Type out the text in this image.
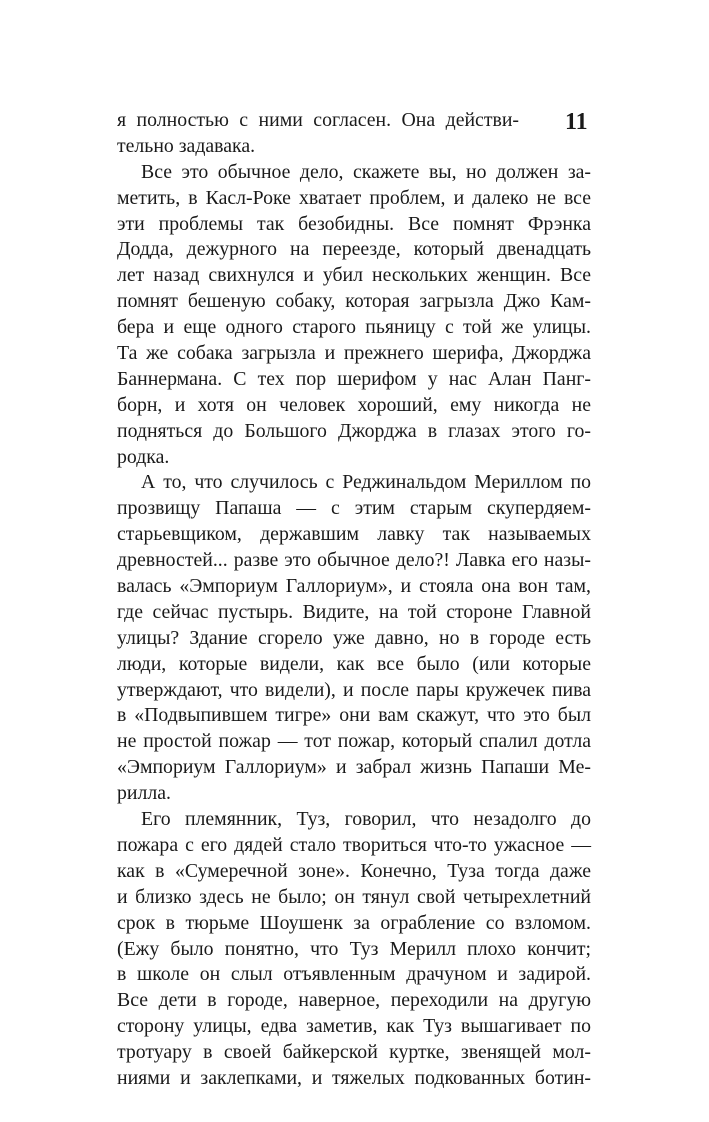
11
я полностью с ними согласен. Она действи-
тельно задавака.
Все это обычное дело, скажете вы, но должен за-
метить, в Касл-Роке хватает проблем, и далеко не все
эти проблемы так безобидны. Все помнят Фрэнка
Додда, дежурного на переезде, который двенадцать
лет назад свихнулся и убил нескольких женщин. Все
помнят бешеную собаку, которая загрызла Джо Кам-
бера и еще одного старого пьяницу с той же улицы.
Та же собака загрызла и прежнего шерифа, Джорджа
Баннермана. С тех пор шерифом у нас Алан Панг-
борн, и хотя он человек хороший, ему никогда не
подняться до Большого Джорджа в глазах этого го-
родка.
А то, что случилось с Реджинальдом Мериллом по
прозвищу Папаша — с этим старым скупердяем-
старьевщиком, державшим лавку так называемых
древностей... разве это обычное дело?! Лавка его назы-
валась «Эмпориум Галлориум», и стояла она вон там,
где сейчас пустырь. Видите, на той стороне Главной
улицы? Здание сгорело уже давно, но в городе есть
люди, которые видели, как все было (или которые
утверждают, что видели), и после пары кружечек пива
в «Подвыпившем тигре» они вам скажут, что это был
не простой пожар — тот пожар, который спалил дотла
«Эмпориум Галлориум» и забрал жизнь Папаши Ме-
рилла.
Его племянник, Туз, говорил, что незадолго до
пожара с его дядей стало твориться что-то ужасное —
как в «Сумеречной зоне». Конечно, Туза тогда даже
и близко здесь не было; он тянул свой четырехлетний
срок в тюрьме Шоушенк за ограбление со взломом.
(Ежу было понятно, что Туз Мерилл плохо кончит;
в школе он слыл отъявленным драчуном и задирой.
Все дети в городе, наверное, переходили на другую
сторону улицы, едва заметив, как Туз вышагивает по
тротуару в своей байкерской куртке, звенящей мол-
ниями и заклепками, и тяжелых подкованных ботин-
